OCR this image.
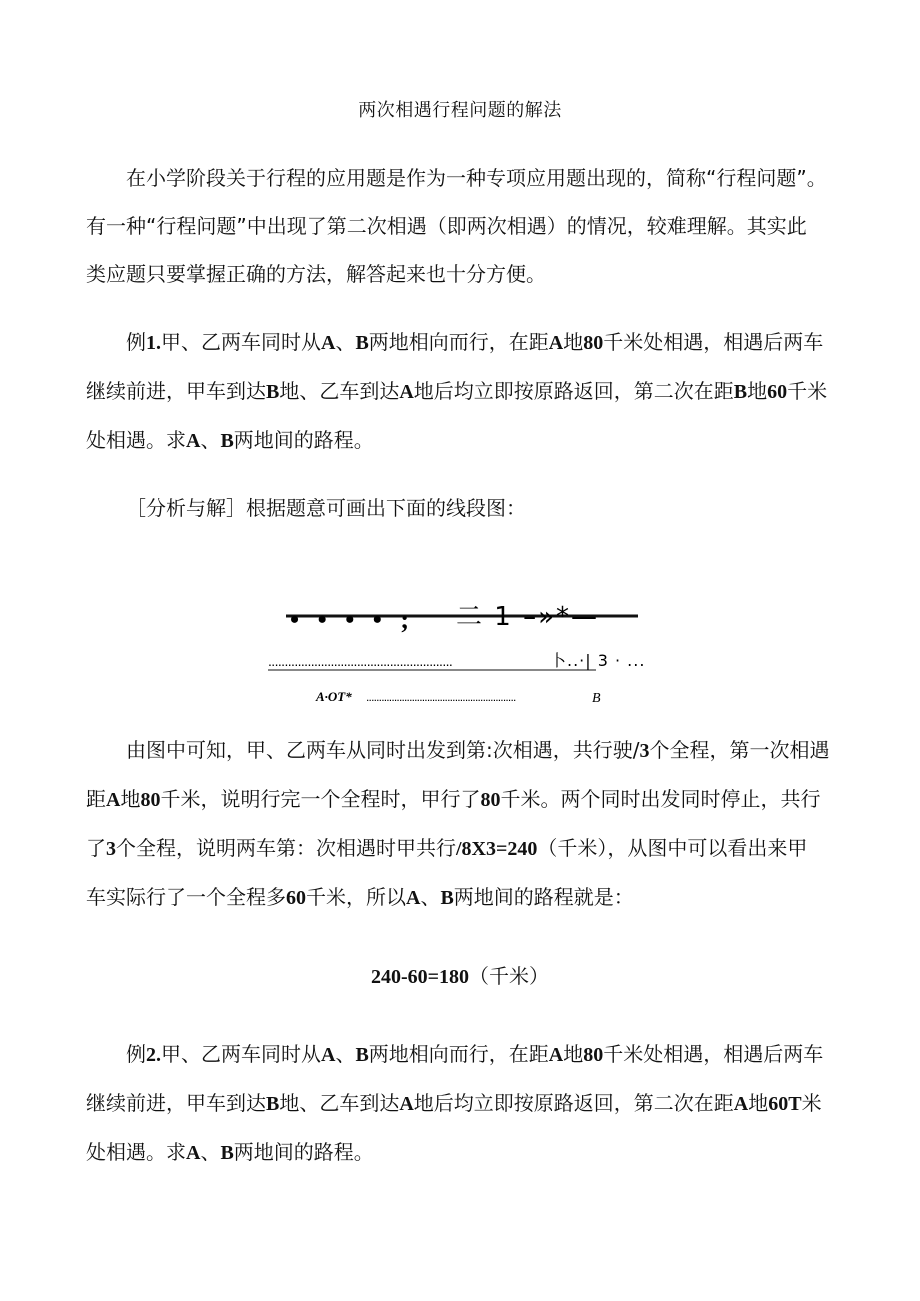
两次相遇行程问题的解法

在小学阶段关于行程的应用题是作为一种专项应用题出现的，简称“行程问题”。
有一种“行程问题”中出现了第二次相遇（即两次相遇）的情况，较难理解。其实此
类应题只要掌握正确的方法，解答起来也十分方便。

例1.甲、乙两车同时从A、B两地相向而行，在距A地80千米处相遇，相遇后两车
继续前进，甲车到达B地、乙车到达A地后均立即按原路返回，第二次在距B地60千米
处相遇。求A、B两地间的路程。

［分析与解］根据题意可画出下面的线段图：

• • • • ; 二 1 –»*—
........................................................	卜..·| 3 · ...
A·OT* ...........................................................	B

由图中可知，甲、乙两车从同时出发到第:次相遇，共行驶/3个全程，第一次相遇
距A地80千米，说明行完一个全程时，甲行了80千米。两个同时出发同时停止，共行
了3个全程，说明两车第：次相遇时甲共行/8X3=240（千米），从图中可以看出来甲
车实际行了一个全程多60千米，所以A、B两地间的路程就是：

240-60=180（千米）

例2.甲、乙两车同时从A、B两地相向而行，在距A地80千米处相遇，相遇后两车
继续前进，甲车到达B地、乙车到达A地后均立即按原路返回，第二次在距A地60T米
处相遇。求A、B两地间的路程。
